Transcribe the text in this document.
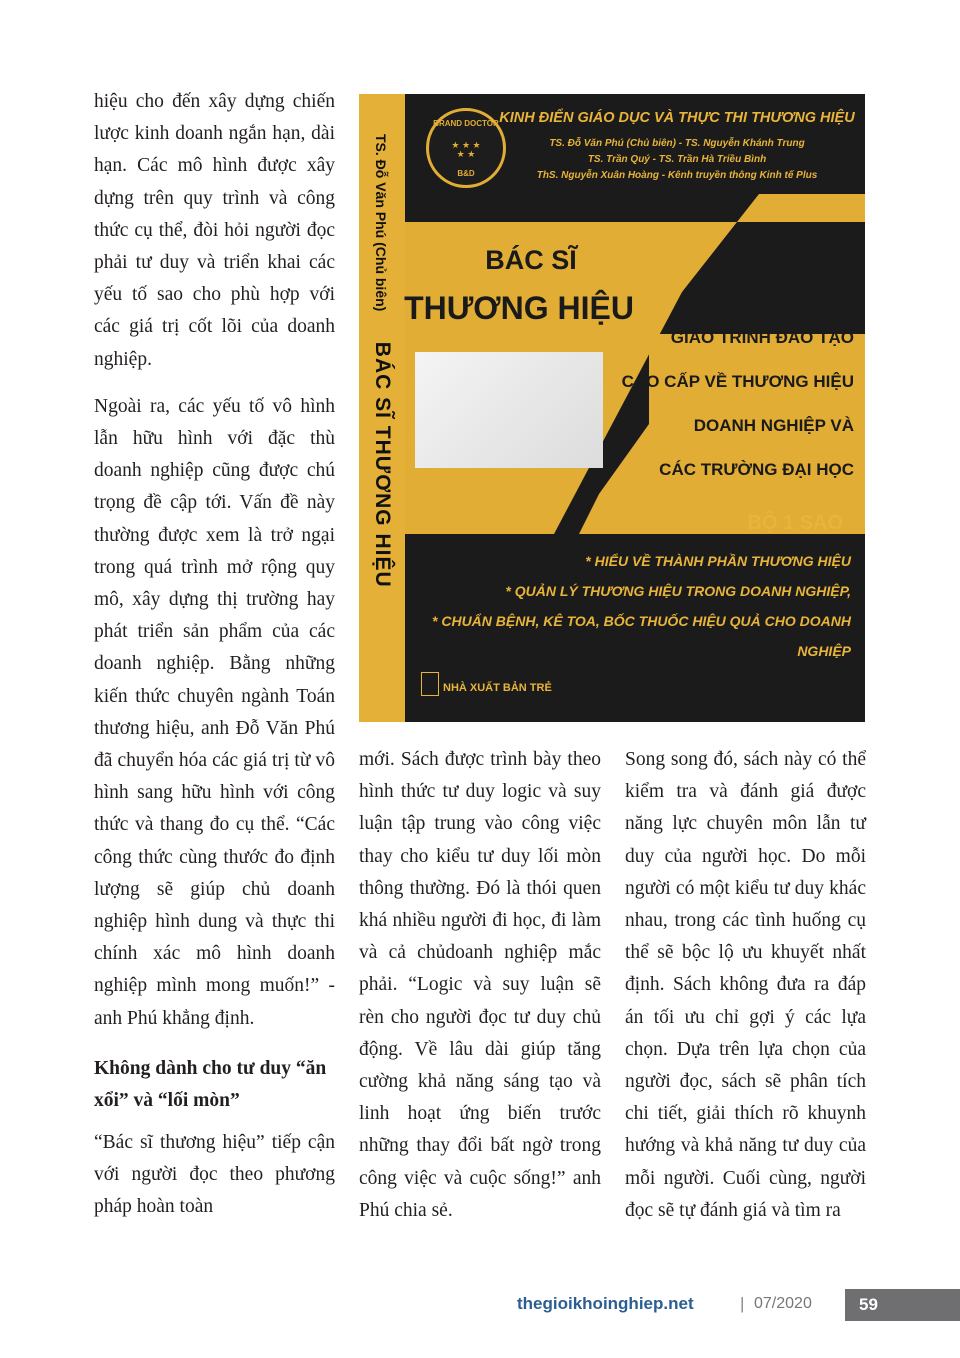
hiệu cho đến xây dựng chiến lược kinh doanh ngắn hạn, dài hạn. Các mô hình được xây dựng trên quy trình và công thức cụ thể, đòi hỏi người đọc phải tư duy và triển khai các yếu tố sao cho phù hợp với các giá trị cốt lõi của doanh nghiệp.

Ngoài ra, các yếu tố vô hình lẫn hữu hình với đặc thù doanh nghiệp cũng được chú trọng đề cập tới. Vấn đề này thường được xem là trở ngại trong quá trình mở rộng quy mô, xây dựng thị trường hay phát triển sản phẩm của các doanh nghiệp. Bằng những kiến thức chuyên ngành Toán thương hiệu, anh Đỗ Văn Phú đã chuyển hóa các giá trị từ vô hình sang hữu hình với công thức và thang đo cụ thể. “Các công thức cùng thước đo định lượng sẽ giúp chủ doanh nghiệp hình dung và thực thi chính xác mô hình doanh nghiệp mình mong muốn!” - anh Phú khẳng định.

Không dành cho tư duy “ăn xổi” và “lối mòn”

“Bác sĩ thương hiệu” tiếp cận với người đọc theo phương pháp hoàn toàn

TS. Đỗ Văn Phú (Chủ biên) BÁC SĨ THƯƠNG HIỆU
BRAND DOCTOR
★ ★ ★
★ ★
B&D
KINH ĐIỂN GIÁO DỤC VÀ THỰC THI THƯƠNG HIỆU
TS. Đỗ Văn Phú (Chủ biên) - TS. Nguyễn Khánh Trung
TS. Trần Quý - TS. Trần Hà Triều Bình
ThS. Nguyễn Xuân Hoàng - Kênh truyền thông Kinh tế Plus
BÁC SĨ
THƯƠNG HIỆU
GIÁO TRÌNH ĐÀO TẠO
CAO CẤP VỀ THƯƠNG HIỆU
DOANH NGHIỆP VÀ
CÁC TRƯỜNG ĐẠI HỌC
BỘ 1 SAO
* HIỂU VỀ THÀNH PHẦN THƯƠNG HIỆU
* QUẢN LÝ THƯƠNG HIỆU TRONG DOANH NGHIỆP,
* CHUẨN BỆNH, KÊ TOA, BỐC THUỐC HIỆU QUẢ CHO DOANH NGHIỆP
NHÀ XUẤT BẢN TRẺ

mới. Sách được trình bày theo hình thức tư duy logic và suy luận tập trung vào công việc thay cho kiểu tư duy lối mòn thông thường. Đó là thói quen khá nhiều người đi học, đi làm và cả chủdoanh nghiệp mắc phải. “Logic và suy luận sẽ rèn cho người đọc tư duy chủ động. Về lâu dài giúp tăng cường khả năng sáng tạo và linh hoạt ứng biến trước những thay đổi bất ngờ trong công việc và cuộc sống!” anh Phú chia sẻ.

Song song đó, sách này có thể kiểm tra và đánh giá được năng lực chuyên môn lẫn tư duy của người học. Do mỗi người có một kiểu tư duy khác nhau, trong các tình huống cụ thể sẽ bộc lộ ưu khuyết nhất định. Sách không đưa ra đáp án tối ưu chỉ gợi ý các lựa chọn. Dựa trên lựa chọn của người đọc, sách sẽ phân tích chi tiết, giải thích rõ khuynh hướng và khả năng tư duy của mỗi người. Cuối cùng, người đọc sẽ tự đánh giá và tìm ra

thegioikhoinghiep.net	| 07/2020	59
